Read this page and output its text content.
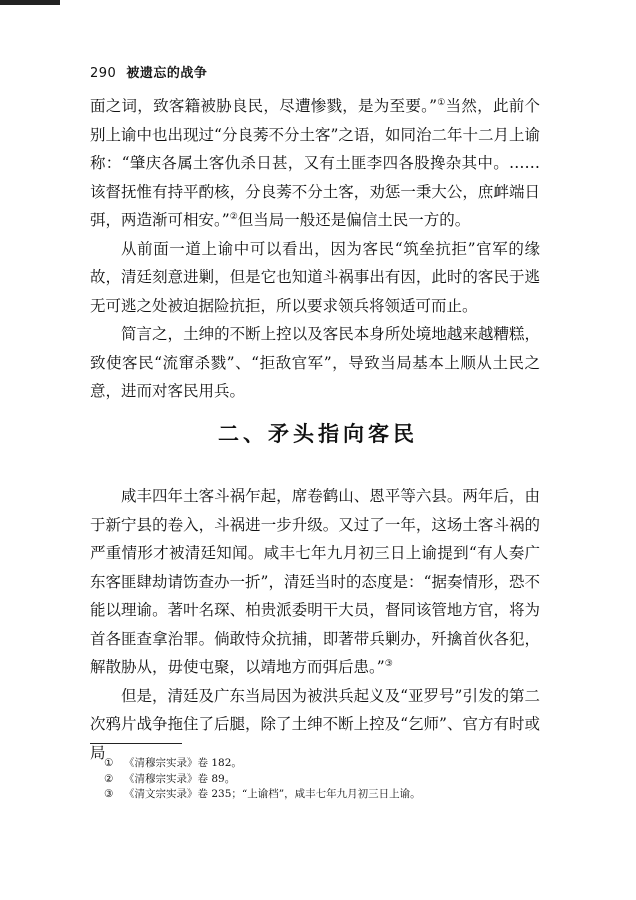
290 被遗忘的战争

面之词，致客籍被胁良民，尽遭惨戮，是为至要。”①当然，此前个别上谕中也出现过“分良莠不分土客”之语，如同治二年十二月上谕称：“肇庆各属土客仇杀日甚，又有土匪李四各股搀杂其中。……该督抚惟有持平酌核，分良莠不分土客，劝惩一秉大公，庶衅端日弭，两造渐可相安。”②但当局一般还是偏信土民一方的。

从前面一道上谕中可以看出，因为客民“筑垒抗拒”官军的缘故，清廷刻意进剿，但是它也知道斗祸事出有因，此时的客民于逃无可逃之处被迫据险抗拒，所以要求领兵将领适可而止。

简言之，土绅的不断上控以及客民本身所处境地越来越糟糕，致使客民“流窜杀戮”、“拒敌官军”，导致当局基本上顺从土民之意，进而对客民用兵。

二、矛头指向客民

咸丰四年土客斗祸乍起，席卷鹤山、恩平等六县。两年后，由于新宁县的卷入，斗祸进一步升级。又过了一年，这场土客斗祸的严重情形才被清廷知闻。咸丰七年九月初三日上谕提到“有人奏广东客匪肆劫请饬查办一折”，清廷当时的态度是：“据奏情形，恐不能以理谕。著叶名琛、柏贵派委明干大员，督同该管地方官，将为首各匪查拿治罪。倘敢恃众抗捕，即著带兵剿办，歼擒首伙各犯，解散胁从，毋使屯聚，以靖地方而弭后患。”③

但是，清廷及广东当局因为被洪兵起义及“亚罗号”引发的第二次鸦片战争拖住了后腿，除了土绅不断上控及“乞师”、官方有时或局

① 《清穆宗实录》卷 182。
② 《清穆宗实录》卷 89。
③ 《清文宗实录》卷 235；“上谕档”，咸丰七年九月初三日上谕。
